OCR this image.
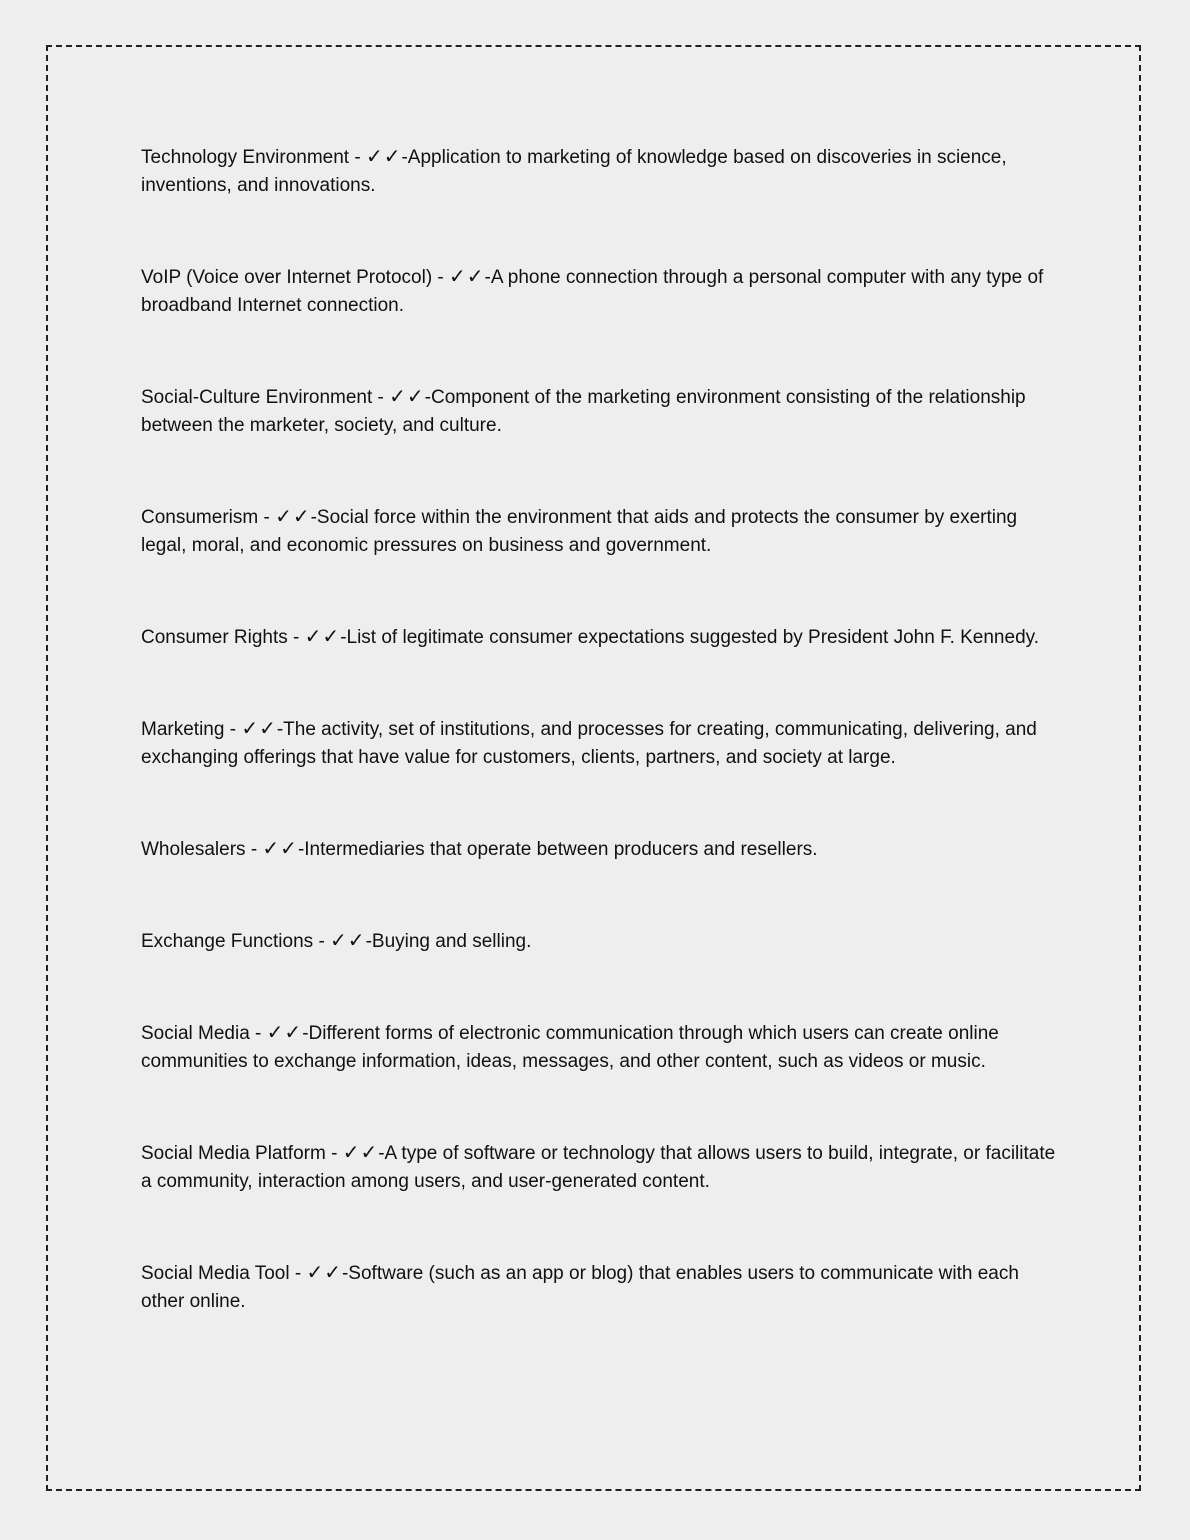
Technology Environment - ✓✓-Application to marketing of knowledge based on discoveries in science, inventions, and innovations.

VoIP (Voice over Internet Protocol) - ✓✓-A phone connection through a personal computer with any type of broadband Internet connection.

Social-Culture Environment - ✓✓-Component of the marketing environment consisting of the relationship between the marketer, society, and culture.

Consumerism - ✓✓-Social force within the environment that aids and protects the consumer by exerting legal, moral, and economic pressures on business and government.

Consumer Rights - ✓✓-List of legitimate consumer expectations suggested by President John F. Kennedy.

Marketing - ✓✓-The activity, set of institutions, and processes for creating, communicating, delivering, and exchanging offerings that have value for customers, clients, partners, and society at large.

Wholesalers - ✓✓-Intermediaries that operate between producers and resellers.

Exchange Functions - ✓✓-Buying and selling.

Social Media - ✓✓-Different forms of electronic communication through which users can create online communities to exchange information, ideas, messages, and other content, such as videos or music.

Social Media Platform - ✓✓-A type of software or technology that allows users to build, integrate, or facilitate a community, interaction among users, and user-generated content.

Social Media Tool - ✓✓-Software (such as an app or blog) that enables users to communicate with each other online.
